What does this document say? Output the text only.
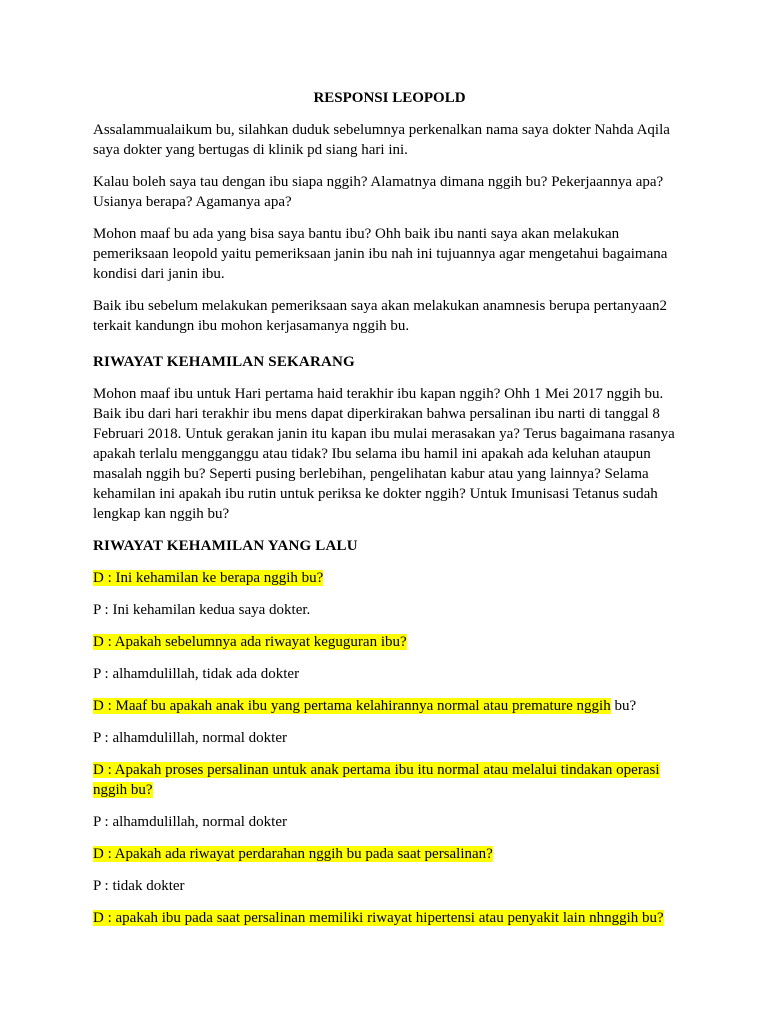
RESPONSI LEOPOLD

Assalammualaikum bu, silahkan duduk sebelumnya perkenalkan nama saya dokter Nahda Aqila saya dokter yang bertugas di klinik pd siang hari ini.

Kalau boleh saya tau dengan ibu siapa nggih? Alamatnya dimana nggih bu? Pekerjaannya apa? Usianya berapa? Agamanya apa?

Mohon maaf bu ada yang bisa saya bantu ibu? Ohh baik ibu nanti saya akan melakukan pemeriksaan leopold yaitu pemeriksaan janin ibu nah ini tujuannya agar mengetahui bagaimana kondisi dari janin ibu.

Baik ibu sebelum melakukan pemeriksaan saya akan melakukan anamnesis berupa pertanyaan2 terkait kandungn ibu mohon kerjasamanya nggih bu.

RIWAYAT KEHAMILAN SEKARANG

Mohon maaf ibu untuk Hari pertama haid terakhir ibu kapan nggih? Ohh 1 Mei 2017 nggih bu. Baik ibu dari hari terakhir ibu mens dapat diperkirakan bahwa persalinan ibu narti di tanggal 8 Februari 2018. Untuk gerakan janin itu kapan ibu mulai merasakan ya? Terus bagaimana rasanya apakah terlalu mengganggu atau tidak? Ibu selama ibu hamil ini apakah ada keluhan ataupun masalah nggih bu? Seperti pusing berlebihan, pengelihatan kabur atau yang lainnya? Selama kehamilan ini apakah ibu rutin untuk periksa ke dokter nggih? Untuk Imunisasi Tetanus sudah lengkap kan nggih bu?

RIWAYAT KEHAMILAN YANG LALU

D : Ini kehamilan ke berapa nggih bu?

P : Ini kehamilan kedua saya dokter.

D : Apakah sebelumnya ada riwayat keguguran ibu?

P : alhamdulillah, tidak ada dokter

D : Maaf bu apakah anak ibu yang pertama kelahirannya normal atau premature nggih bu?

P : alhamdulillah, normal dokter

D : Apakah proses persalinan untuk anak pertama ibu itu normal atau melalui tindakan operasi nggih bu?

P : alhamdulillah, normal dokter

D : Apakah ada riwayat perdarahan nggih bu pada saat persalinan?

P : tidak dokter

D : apakah ibu pada saat persalinan memiliki riwayat hipertensi atau penyakit lain nhnggih bu?
